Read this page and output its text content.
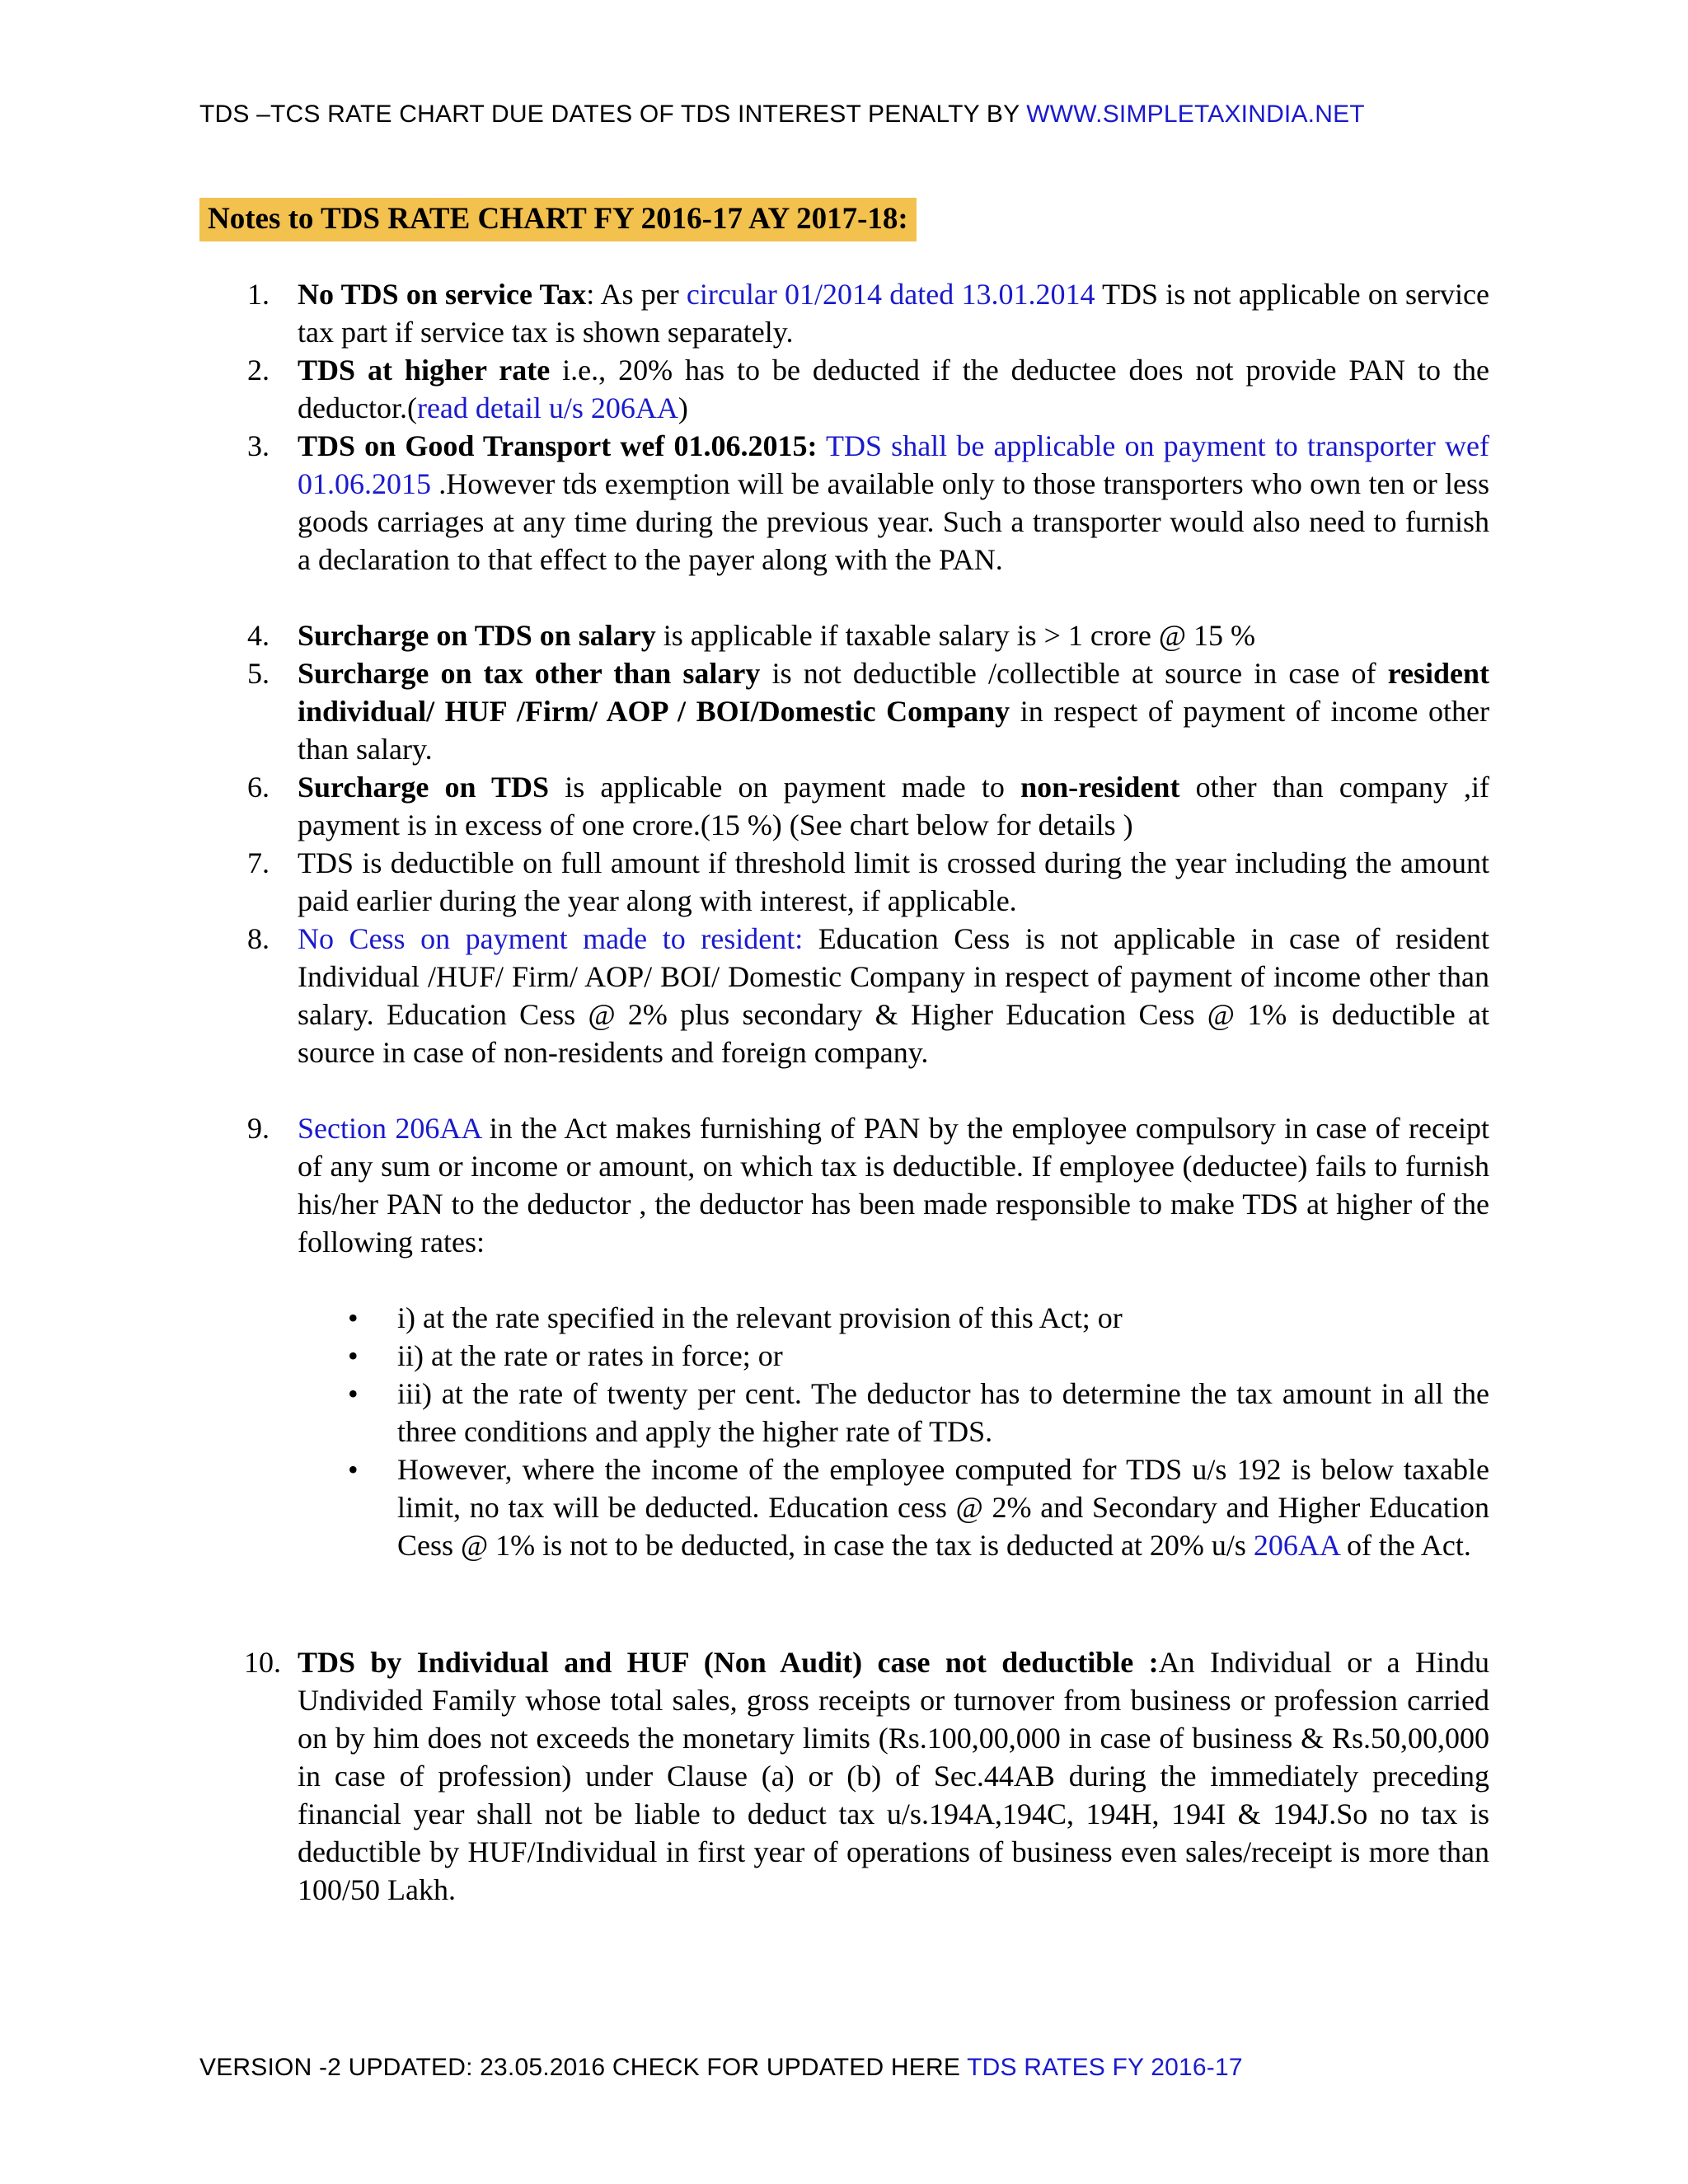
TDS –TCS RATE CHART DUE DATES OF TDS INTEREST PENALTY BY WWW.SIMPLETAXINDIA.NET
Notes to TDS RATE CHART FY 2016-17 AY 2017-18:
1. No TDS on service Tax: As per circular 01/2014 dated 13.01.2014 TDS is not applicable on service tax part if service tax is shown separately.
2. TDS at higher rate i.e., 20% has to be deducted if the deductee does not provide PAN to the deductor.(read detail u/s 206AA)
3. TDS on Good Transport wef 01.06.2015: TDS shall be applicable on payment to transporter wef 01.06.2015 .However tds exemption will be available only to those transporters who own ten or less goods carriages at any time during the previous year. Such a transporter would also need to furnish a declaration to that effect to the payer along with the PAN.
4. Surcharge on TDS on salary is applicable if taxable salary is > 1 crore @ 15 %
5. Surcharge on tax other than salary is not deductible /collectible at source in case of resident individual/ HUF /Firm/ AOP / BOI/Domestic Company in respect of payment of income other than salary.
6. Surcharge on TDS is applicable on payment made to non-resident other than company ,if payment is in excess of one crore.(15 %) (See chart below for details )
7. TDS is deductible on full amount if threshold limit is crossed during the year including the amount paid earlier during the year along with interest, if applicable.
8. No Cess on payment made to resident: Education Cess is not applicable in case of resident Individual /HUF/ Firm/ AOP/ BOI/ Domestic Company in respect of payment of income other than salary. Education Cess @ 2% plus secondary & Higher Education Cess @ 1% is deductible at source in case of non-residents and foreign company.
9. Section 206AA in the Act makes furnishing of PAN by the employee compulsory in case of receipt of any sum or income or amount, on which tax is deductible. If employee (deductee) fails to furnish his/her PAN to the deductor , the deductor has been made responsible to make TDS at higher of the following rates:
10. TDS by Individual and HUF (Non Audit) case not deductible :An Individual or a Hindu Undivided Family whose total sales, gross receipts or turnover from business or profession carried on by him does not exceeds the monetary limits (Rs.100,00,000 in case of business & Rs.50,00,000 in case of profession) under Clause (a) or (b) of Sec.44AB during the immediately preceding financial year shall not be liable to deduct tax u/s.194A,194C, 194H, 194I & 194J.So no tax is deductible by HUF/Individual in first year of operations of business even sales/receipt is more than 100/50 Lakh.
•	i) at the rate specified in the relevant provision of this Act; or
•	ii) at the rate or rates in force; or
•	iii) at the rate of twenty per cent. The deductor has to determine the tax amount in all the three conditions and apply the higher rate of TDS.
•	However, where the income of the employee computed for TDS u/s 192 is below taxable limit, no tax will be deducted. Education cess @ 2% and Secondary and Higher Education Cess @ 1% is not to be deducted, in case the tax is deducted at 20% u/s 206AA of the Act.
VERSION -2 UPDATED: 23.05.2016 CHECK FOR UPDATED HERE TDS RATES FY 2016-17
